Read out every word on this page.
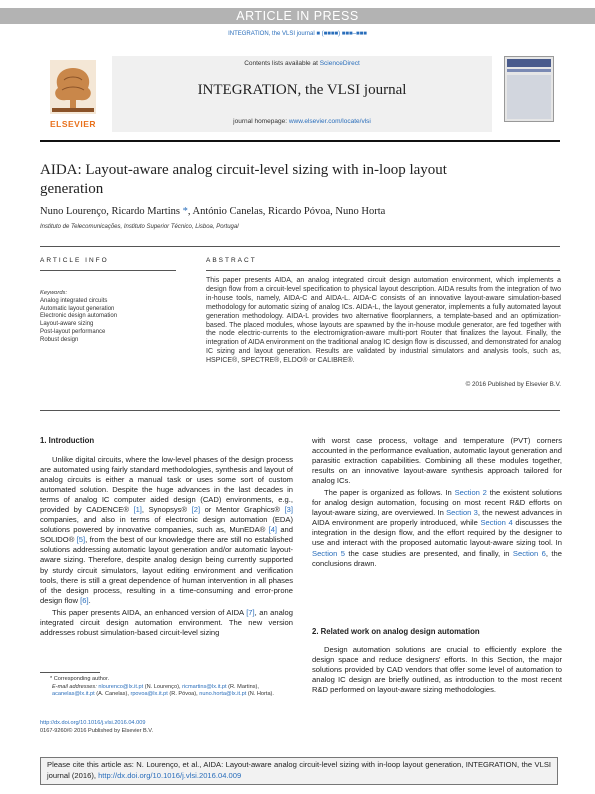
ARTICLE IN PRESS
INTEGRATION, the VLSI journal ■ (■■■■) ■■■–■■■
ELSEVIER
Contents lists available at ScienceDirect
INTEGRATION, the VLSI journal
journal homepage: www.elsevier.com/locate/vlsi
AIDA: Layout-aware analog circuit-level sizing with in-loop layout generation
Nuno Lourenço, Ricardo Martins *, António Canelas, Ricardo Póvoa, Nuno Horta
Instituto de Telecomunicações, Instituto Superior Técnico, Lisboa, Portugal
ARTICLE INFO
Keywords:
Analog integrated circuits
Automatic layout generation
Electronic design automation
Layout-aware sizing
Post-layout performance
Robust design
ABSTRACT
This paper presents AIDA, an analog integrated circuit design automation environment, which implements a design flow from a circuit-level specification to physical layout description. AIDA results from the integration of two in-house tools, namely, AIDA-C and AIDA-L. AIDA-C consists of an innovative layout-aware simulation-based methodology for automatic sizing of analog ICs. AIDA-L, the layout generator, implements a fully automated layout generation methodology. AIDA-L provides two alternative floorplanners, a template-based and an optimization-based. The placed modules, whose layouts are spawned by the in-house module generator, are fed together with the node electric-currents to the electromigration-aware multi-port Router that finalizes the layout. Finally, the integration of AIDA environment on the traditional analog IC design flow is discussed, and demonstrated for analog IC sizing and layout generation. Results are validated by industrial simulators and analysis tools, such as, HSPICE®, SPECTRE®, ELDO® or CALIBRE®.
© 2016 Published by Elsevier B.V.
1. Introduction

Unlike digital circuits, where the low-level phases of the design process are automated using fairly standard methodologies, synthesis and layout of analog circuits is either a manual task or uses some sort of custom automated solution. Despite the huge advances in the last decades in terms of analog IC computer aided design (CAD) environments, e.g., provided by CADENCE® [1], Synopsys® [2] or Mentor Graphics® [3] companies, and also in terms of electronic design automation (EDA) solutions powered by innovative companies, such as, MunEDA® [4] and SOLIDO® [5], from the best of our knowledge there are still no established solutions addressing automatic layout generation and/or automatic layout-aware sizing. Therefore, despite analog design being currently supported by sturdy circuit simulators, layout editing environment and verification tools, there is still a great dependence of human intervention in all phases of the design process, resulting in a time-consuming and error-prone design flow [6].

This paper presents AIDA, an enhanced version of AIDA [7], an analog integrated circuit design automation environment. The new version addresses robust simulation-based circuit-level sizing

with worst case process, voltage and temperature (PVT) corners accounted in the performance evaluation, automatic layout generation and parasitic extraction capabilities. Combining all these modules together, results on an innovative layout-aware synthesis approach tailored for analog ICs.

The paper is organized as follows. In Section 2 the existent solutions for analog design automation, focusing on most recent R&D efforts on layout-aware sizing, are overviewed. In Section 3, the newest advances in AIDA environment are properly introduced, while Section 4 discusses the integration in the design flow, and the effort required by the designer to use and interact with the proposed automatic layout-aware sizing tool. In Section 5 the case studies are presented, and finally, in Section 6, the conclusions drawn.

2. Related work on analog design automation

Design automation solutions are crucial to efficiently explore the design space and reduce designers' efforts. In this Section, the major solutions provided by CAD vendors that offer some level of automation to analog IC design are briefly outlined, as introduction to the most recent R&D performed on layout-aware sizing methodologies.

* Corresponding author.
E-mail addresses: nlourenco@lx.it.pt (N. Lourenço), ricmartins@lx.it.pt (R. Martins), acanelas@lx.it.pt (A. Canelas), rpovoa@lx.it.pt (R. Póvoa), nuno.horta@lx.it.pt (N. Horta).
http://dx.doi.org/10.1016/j.vlsi.2016.04.009
0167-9260/© 2016 Published by Elsevier B.V.
Please cite this article as: N. Lourenço, et al., AIDA: Layout-aware analog circuit-level sizing with in-loop layout generation, INTEGRATION, the VLSI journal (2016), http://dx.doi.org/10.1016/j.vlsi.2016.04.009
